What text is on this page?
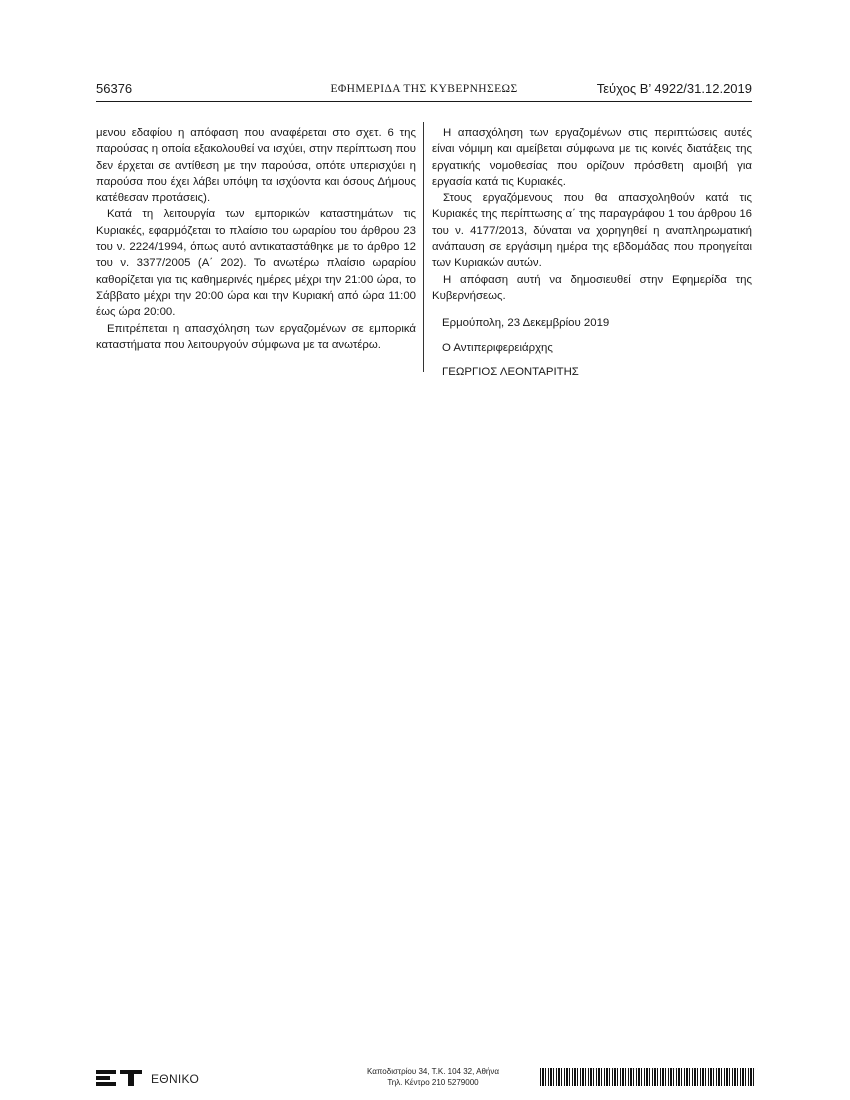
56376	ΕΦΗΜΕΡΙΔΑ ΤΗΣ ΚΥΒΕΡΝΗΣΕΩΣ	Τεύχος Β’ 4922/31.12.2019

μενου εδαφίου η απόφαση που αναφέρεται στο σχετ. 6 της παρούσας η οποία εξακολουθεί να ισχύει, στην περίπτωση που δεν έρχεται σε αντίθεση με την παρούσα, οπότε υπερισχύει η παρούσα που έχει λάβει υπόψη τα ισχύοντα και όσους Δήμους κατέθεσαν προτάσεις).

Κατά τη λειτουργία των εμπορικών καταστημάτων τις Κυριακές, εφαρμόζεται το πλαίσιο του ωραρίου του άρθρου 23 του ν. 2224/1994, όπως αυτό αντικαταστάθηκε με το άρθρο 12 του ν. 3377/2005 (Α΄ 202). Το ανωτέρω πλαίσιο ωραρίου καθορίζεται για τις καθημερινές ημέρες μέχρι την 21:00 ώρα, το Σάββατο μέχρι την 20:00 ώρα και την Κυριακή από ώρα 11:00 έως ώρα 20:00.

Επιτρέπεται η απασχόληση των εργαζομένων σε εμπορικά καταστήματα που λειτουργούν σύμφωνα με τα ανωτέρω.

Η απασχόληση των εργαζομένων στις περιπτώσεις αυτές είναι νόμιμη και αμείβεται σύμφωνα με τις κοινές διατάξεις της εργατικής νομοθεσίας που ορίζουν πρόσθετη αμοιβή για εργασία κατά τις Κυριακές.

Στους εργαζόμενους που θα απασχοληθούν κατά τις Κυριακές της περίπτωσης α΄ της παραγράφου 1 του άρθρου 16 του ν. 4177/2013, δύναται να χορηγηθεί η αναπληρωματική ανάπαυση σε εργάσιμη ημέρα της εβδομάδας που προηγείται των Κυριακών αυτών.

Η απόφαση αυτή να δημοσιευθεί στην Εφημερίδα της Κυβερνήσεως.

Ερμούπολη, 23 Δεκεμβρίου 2019

Ο Αντιπεριφερειάρχης

ΓΕΩΡΓΙΟΣ ΛΕΟΝΤΑΡΙΤΗΣ

ΕΘΝΙΚΟ
Καποδιστρίου 34, Τ.Κ. 104 32, Αθήνα
Τηλ. Κέντρο 210 5279000
